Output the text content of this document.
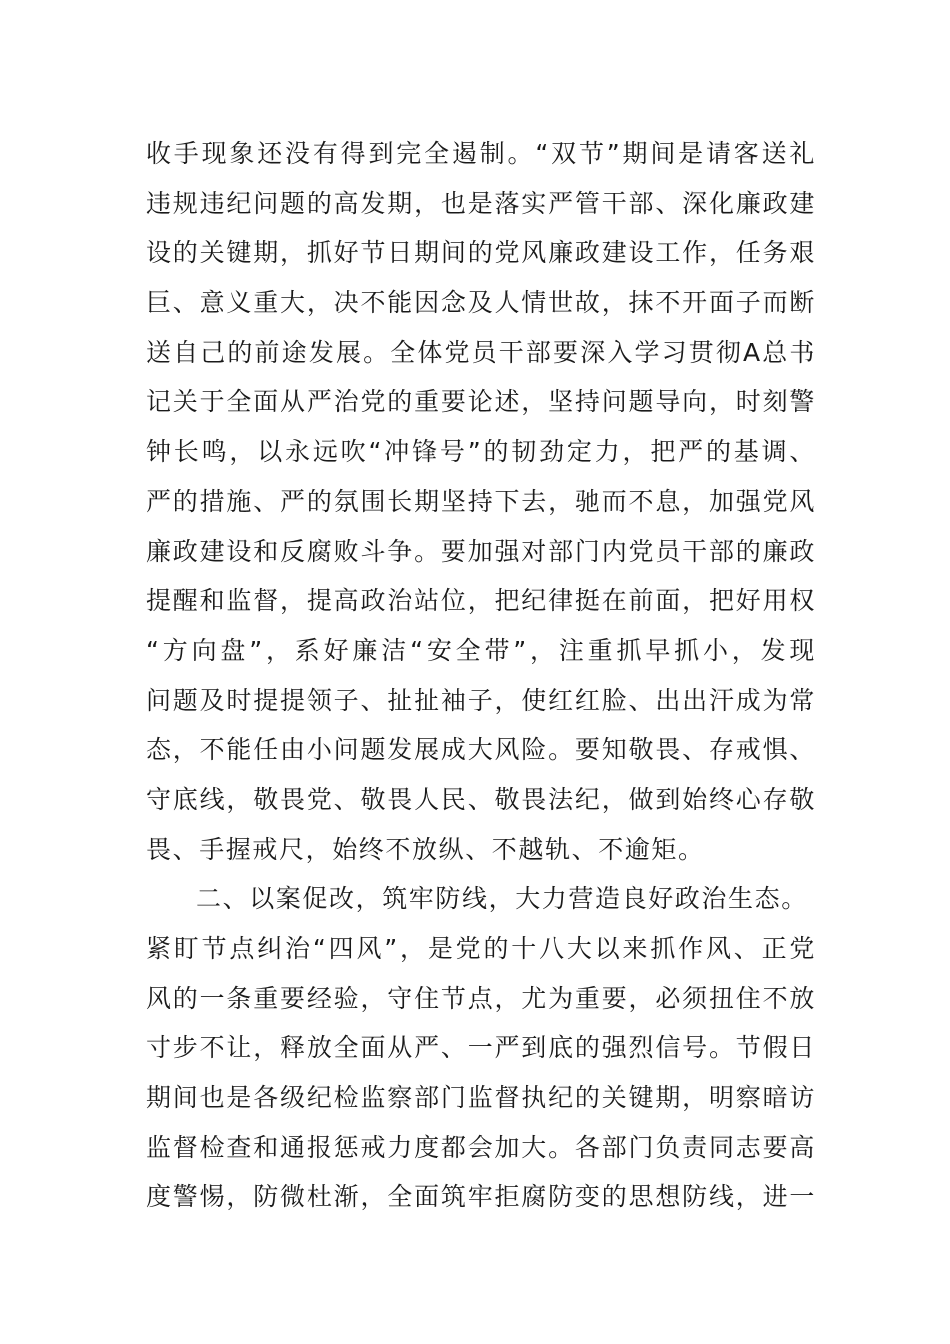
收手现象还没有得到完全遏制。“双节”期间是请客送礼
违规违纪问题的高发期，也是落实严管干部、深化廉政建
设的关键期，抓好节日期间的党风廉政建设工作，任务艰
巨、意义重大，决不能因念及人情世故，抹不开面子而断
送自己的前途发展。全体党员干部要深入学习贯彻A总书
记关于全面从严治党的重要论述，坚持问题导向，时刻警
钟长鸣，以永远吹“冲锋号”的韧劲定力，把严的基调、
严的措施、严的氛围长期坚持下去，驰而不息，加强党风
廉政建设和反腐败斗争。要加强对部门内党员干部的廉政
提醒和监督，提高政治站位，把纪律挺在前面，把好用权
“方向盘”，系好廉洁“安全带”，注重抓早抓小，发现
问题及时提提领子、扯扯袖子，使红红脸、出出汗成为常
态，不能任由小问题发展成大风险。要知敬畏、存戒惧、
守底线，敬畏党、敬畏人民、敬畏法纪，做到始终心存敬
畏、手握戒尺，始终不放纵、不越轨、不逾矩。
二、以案促改，筑牢防线，大力营造良好政治生态。
紧盯节点纠治“四风”，是党的十八大以来抓作风、正党
风的一条重要经验，守住节点，尤为重要，必须扭住不放
寸步不让，释放全面从严、一严到底的强烈信号。节假日
期间也是各级纪检监察部门监督执纪的关键期，明察暗访
监督检查和通报惩戒力度都会加大。各部门负责同志要高
度警惕，防微杜渐，全面筑牢拒腐防变的思想防线，进一
